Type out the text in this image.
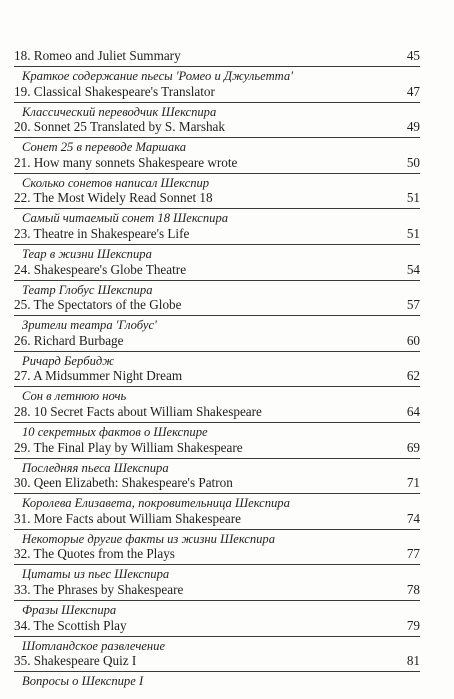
18. Romeo and Juliet Summary	45
Краткое содержание пьесы 'Ромео и Джульетта'
19. Classical Shakespeare's Translator	47
Классический переводчик Шекспира
20. Sonnet 25 Translated by S. Marshak	49
Сонет 25 в переводе Маршака
21. How many sonnets Shakespeare wrote	50
Сколько сонетов написал Шекспир
22. The Most Widely Read Sonnet 18	51
Самый читаемый сонет 18 Шекспира
23. Theatre in Shakespeare's Life	51
Теар в жизни Шекспира
24. Shakespeare's Globe Theatre	54
Театр Глобус Шекспира
25. The Spectators of the Globe	57
Зрители театра 'Глобус'
26. Richard Burbage	60
Ричард Бербидж
27. A Midsummer Night Dream	62
Сон в летнюю ночь
28. 10 Secret Facts about William Shakespeare	64
10 секретных фактов о Шекспире
29. The Final Play by William Shakespeare	69
Последняя пьеса Шекспира
30. Qeen Elizabeth: Shakespeare's Patron	71
Королева Елизавета, покровительница Шекспира
31. More Facts about William Shakespeare	74
Некоторые другие факты из жизни Шекспира
32. The Quotes from the Plays	77
Цитаты из пьес Шекспира
33. The Phrases by Shakespeare	78
Фразы Шекспира
34. The Scottish Play	79
Шотландское развлечение
35. Shakespeare Quiz I	81
Вопросы о Шекспире I
